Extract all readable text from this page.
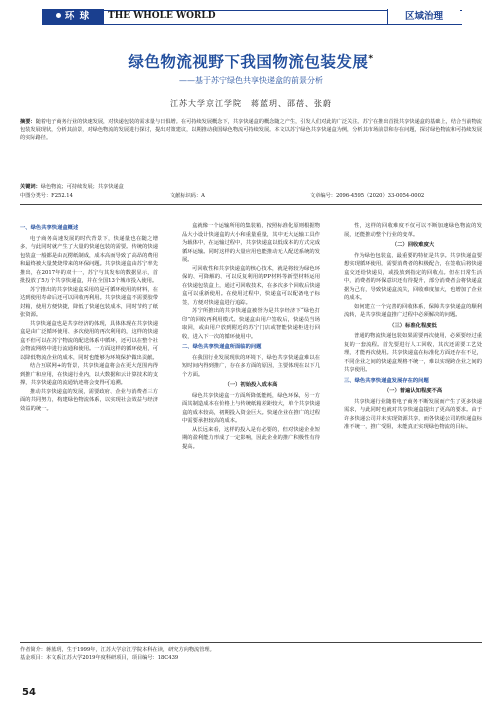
环 球	THE WHOLE WORLD	区域治理
绿色物流视野下我国物流包装发展*
——基于苏宁绿色共享快递盒的前景分析
江苏大学京江学院　蒋蓝玥、邵蓓、张蔚
摘要：随着电子商务行业的快速发展，对快递包装的需求量与日俱增。在可持续发展概念下，共享快递盒的概念随之产生，引发人们对此的广泛关注。苏宁在推出首批共享快递盒的基础上，结合当前物流包装发展现状，分析其前景，对绿色物流的发展进行探讨，提出对策建议，以期推动我国绿色物流可持续发展。本文以苏宁绿色共享快递盒为例，分析其市场前景和存在问题，探讨绿色物流和可持续发展的实际路径。
关键词：绿色物流；可持续发展；共享快递盒
中图分类号：F252.14	文献标识码：A	文章编号：2096-4595（2020）33-0054-0002

一、绿色共享快递盒概述

电子商务高速发展的时代背景下，快递量也在随之增多，与此同时就产生了大量的快递包装的需要。传统的快递包装盒一般都是由瓦楞纸制成，成本高而导致了高昂的费用和最终被大量焚烧带来的环保问题。共享快递盒由苏宁率先推出，在2017年的双十一，苏宁与其发布的数据显示，首批投放了5万个共享快递盒，并在全国13个城市投入使用。

苏宁推出的共享快递盒采用的是可循环使用的材料，在达到使用寿命后还可以回收再利用。共享快递盒不需要胶带封箱，使用方便快捷，降低了快递包装成本，同时节约了纸张资源。

共享快递盒也是共享经济的体现，具体体现在共享快递盒是由广泛循环使用、多次使用的再次利用的，这样的快递盒不但可以在苏宁物流的配送体系中循环，还可以在整个社会物流网络中进行流通和使用。一方面这样的循环使用，可以降低物流企业的成本，同时也能够为环境保护做出贡献。

结合互联网+的背景，共享快递盒将会在更大范围内得到推广和应用，在快递行业内，以大数据和云计算技术的支撑，共享快递盒的流通轨迹将会变得可追溯。

推动共享快递盒的发展，需要政府、企业与消费者三方面的共同努力，构建绿色物流体系，以实现社会效益与经济效益的统一。

盒就像一个运输所用的集装箱，按照标准化原则根据物品大小设计快递盒的大小和重量重量，其中无大运输工具作为载体中，在运输过程中，共享快递盒以低成本的方式完成循环运输。同时这样的大量应用也能推动无人配送系统的发展。

可回收性和共享快递盒的核心技术，就是将较为绿色环保的、可降解的、可以反复利用的PP材料等新型材料运用在快递包装盒上，通过可回收技术，在多次多个回收后快递盒可以重新使用。在使用过程中，快递盒可以配备电子标签，方便对快递盒进行追踪。

苏宁所推出的共享快递盒被誉为是共享经济下“绿色打印”的回收再利用模式。快递盒由用户签收后，快递员当场取回，或由用户放到附近的苏宁门店或智能快递柜进行回收，进入下一次的循环使用中。

二、绿色共享快递盒所面临的问题

在我国行业发展现状的环境下，绿色共享快递盒难以在短时间内得到推广，存在多方面的原因，主要体现在以下几个方面。

（一）初始投入成本高

绿色共享快递盒一方面所降低能耗，绿色环保，另一方面其制造成本在价格上与传统纸箱差距较大，单个共享快递盒的成本较高，初期投入资金巨大。快递企业在推广的过程中需要承担较高的成本。

从长远来看，这样的投入是有必要的，但对快递企业短期的盈利能力形成了一定影响，因此企业的推广积极性有待提高。

性，这样的回收难度不仅可以不断加速绿色物流的发展，还能推动整个行业的变革。

（二）回收难度大

作为绿色包装盒，最重要的特征是共享。共享快递盒要想实现循环使用，需要消费者的积极配合，在签收后将快递盒交还给快递员，或投放到指定的回收点。但在日常生活中，消费者的环保意识还有待提升，部分消费者会将快递盒据为己有，导致快递盒流失，回收难度加大，也增加了企业的成本。

如何建立一个完善的回收体系，保障共享快递盒的顺利流转，是共享快递盒推广过程中必须解决的问题。

（三）标准化程度低

普通的物流快递包装如果需要再次使用，必须要经过重复的一套流程。首先要进行人工回收，其次还需要工艺处理，才能再次使用。共享快递盒在标准化方面还存在不足，不同企业之间的快递盒规格不统一，难以实现跨企业之间的共享使用。

三、绿色共享快递盒发展存在的问题

（一）普遍认知程度不高

共享快递行业随着电子商务不断发展而产生了更多快递需求，与此同时也就对共享快递盒提出了更高的要求。由于许多快递公司并未实现资源共享，而各快递公司的快递盒标准不统一，推广受阻，未能真正实现绿色物流的目标。

作者简介：蒋蓝玥，生于1999年，江苏大学京江学院本科在读，研究方向物流管理。
基金项目：本文系江苏大学2019年度科研项目，项目编号：18C439
54
